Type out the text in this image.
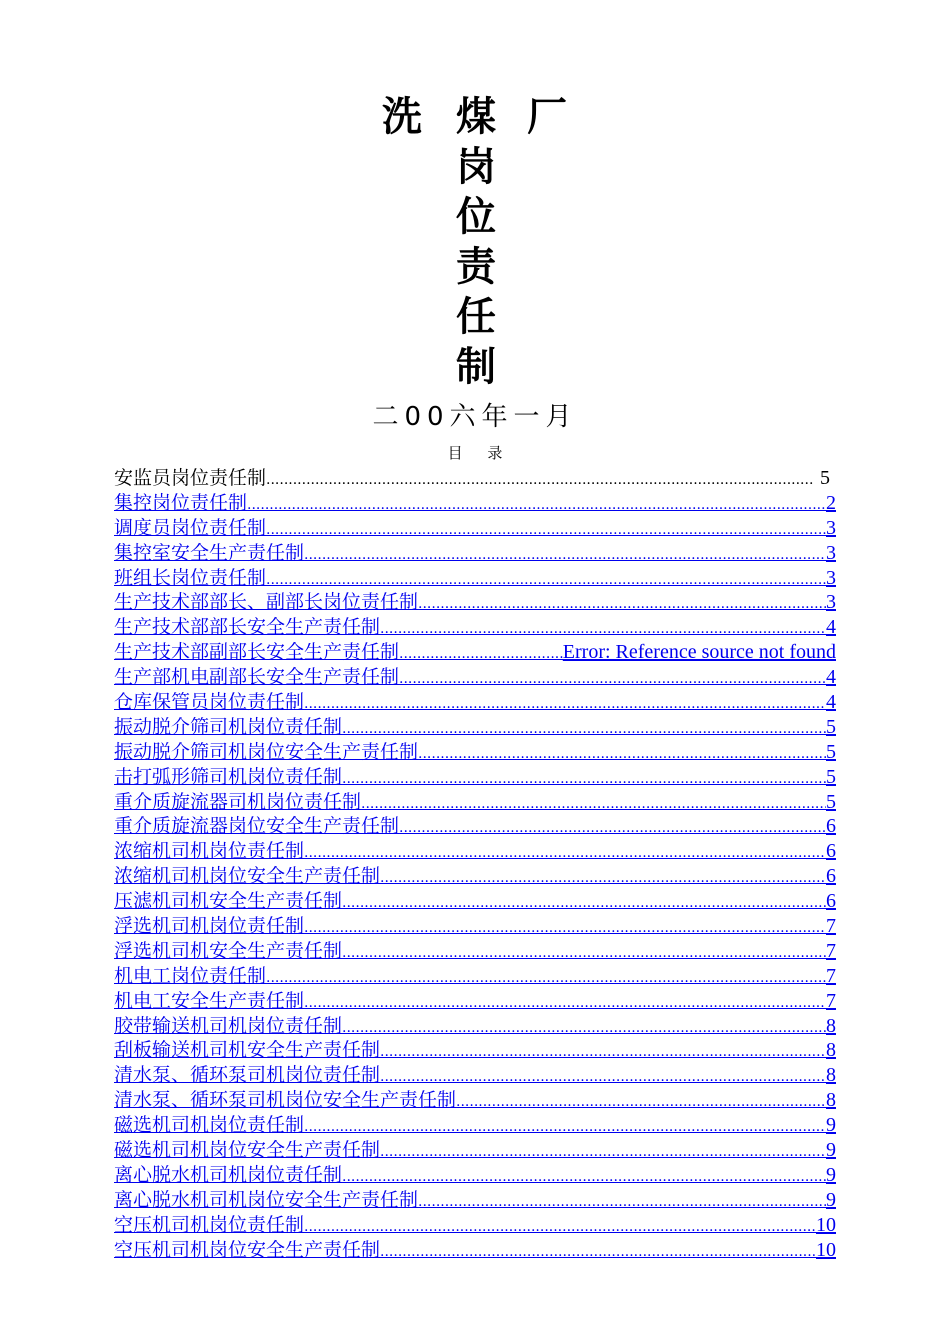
洗 煤 厂
岗
位
责
任
制
二00六年一月
目 录
安监员岗位责任制 .....	5
集控岗位责任制 .....	2
调度员岗位责任制 .....	3
集控室安全生产责任制 .....	3
班组长岗位责任制 .....	3
生产技术部部长、副部长岗位责任制 .....	3
生产技术部部长安全生产责任制 .....	4
生产技术部副部长安全生产责任制 .....	Error: Reference source not found
生产部机电副部长安全生产责任制 .....	4
仓库保管员岗位责任制 .....	4
振动脱介筛司机岗位责任制 .....	5
振动脱介筛司机岗位安全生产责任制 .....	5
击打弧形筛司机岗位责任制 .....	5
重介质旋流器司机岗位责任制 .....	5
重介质旋流器岗位安全生产责任制 .....	6
浓缩机司机岗位责任制 .....	6
浓缩机司机岗位安全生产责任制 .....	6
压滤机司机安全生产责任制 .....	6
浮选机司机岗位责任制 .....	7
浮选机司机安全生产责任制 .....	7
机电工岗位责任制 .....	7
机电工安全生产责任制 .....	7
胶带输送机司机岗位责任制 .....	8
刮板输送机司机安全生产责任制 .....	8
清水泵、循环泵司机岗位责任制 .....	8
清水泵、循环泵司机岗位安全生产责任制 .....	8
磁选机司机岗位责任制 .....	9
磁选机司机岗位安全生产责任制 .....	9
离心脱水机司机岗位责任制 .....	9
离心脱水机司机岗位安全生产责任制 .....	9
空压机司机岗位责任制 .....	10
空压机司机岗位安全生产责任制 .....	10
